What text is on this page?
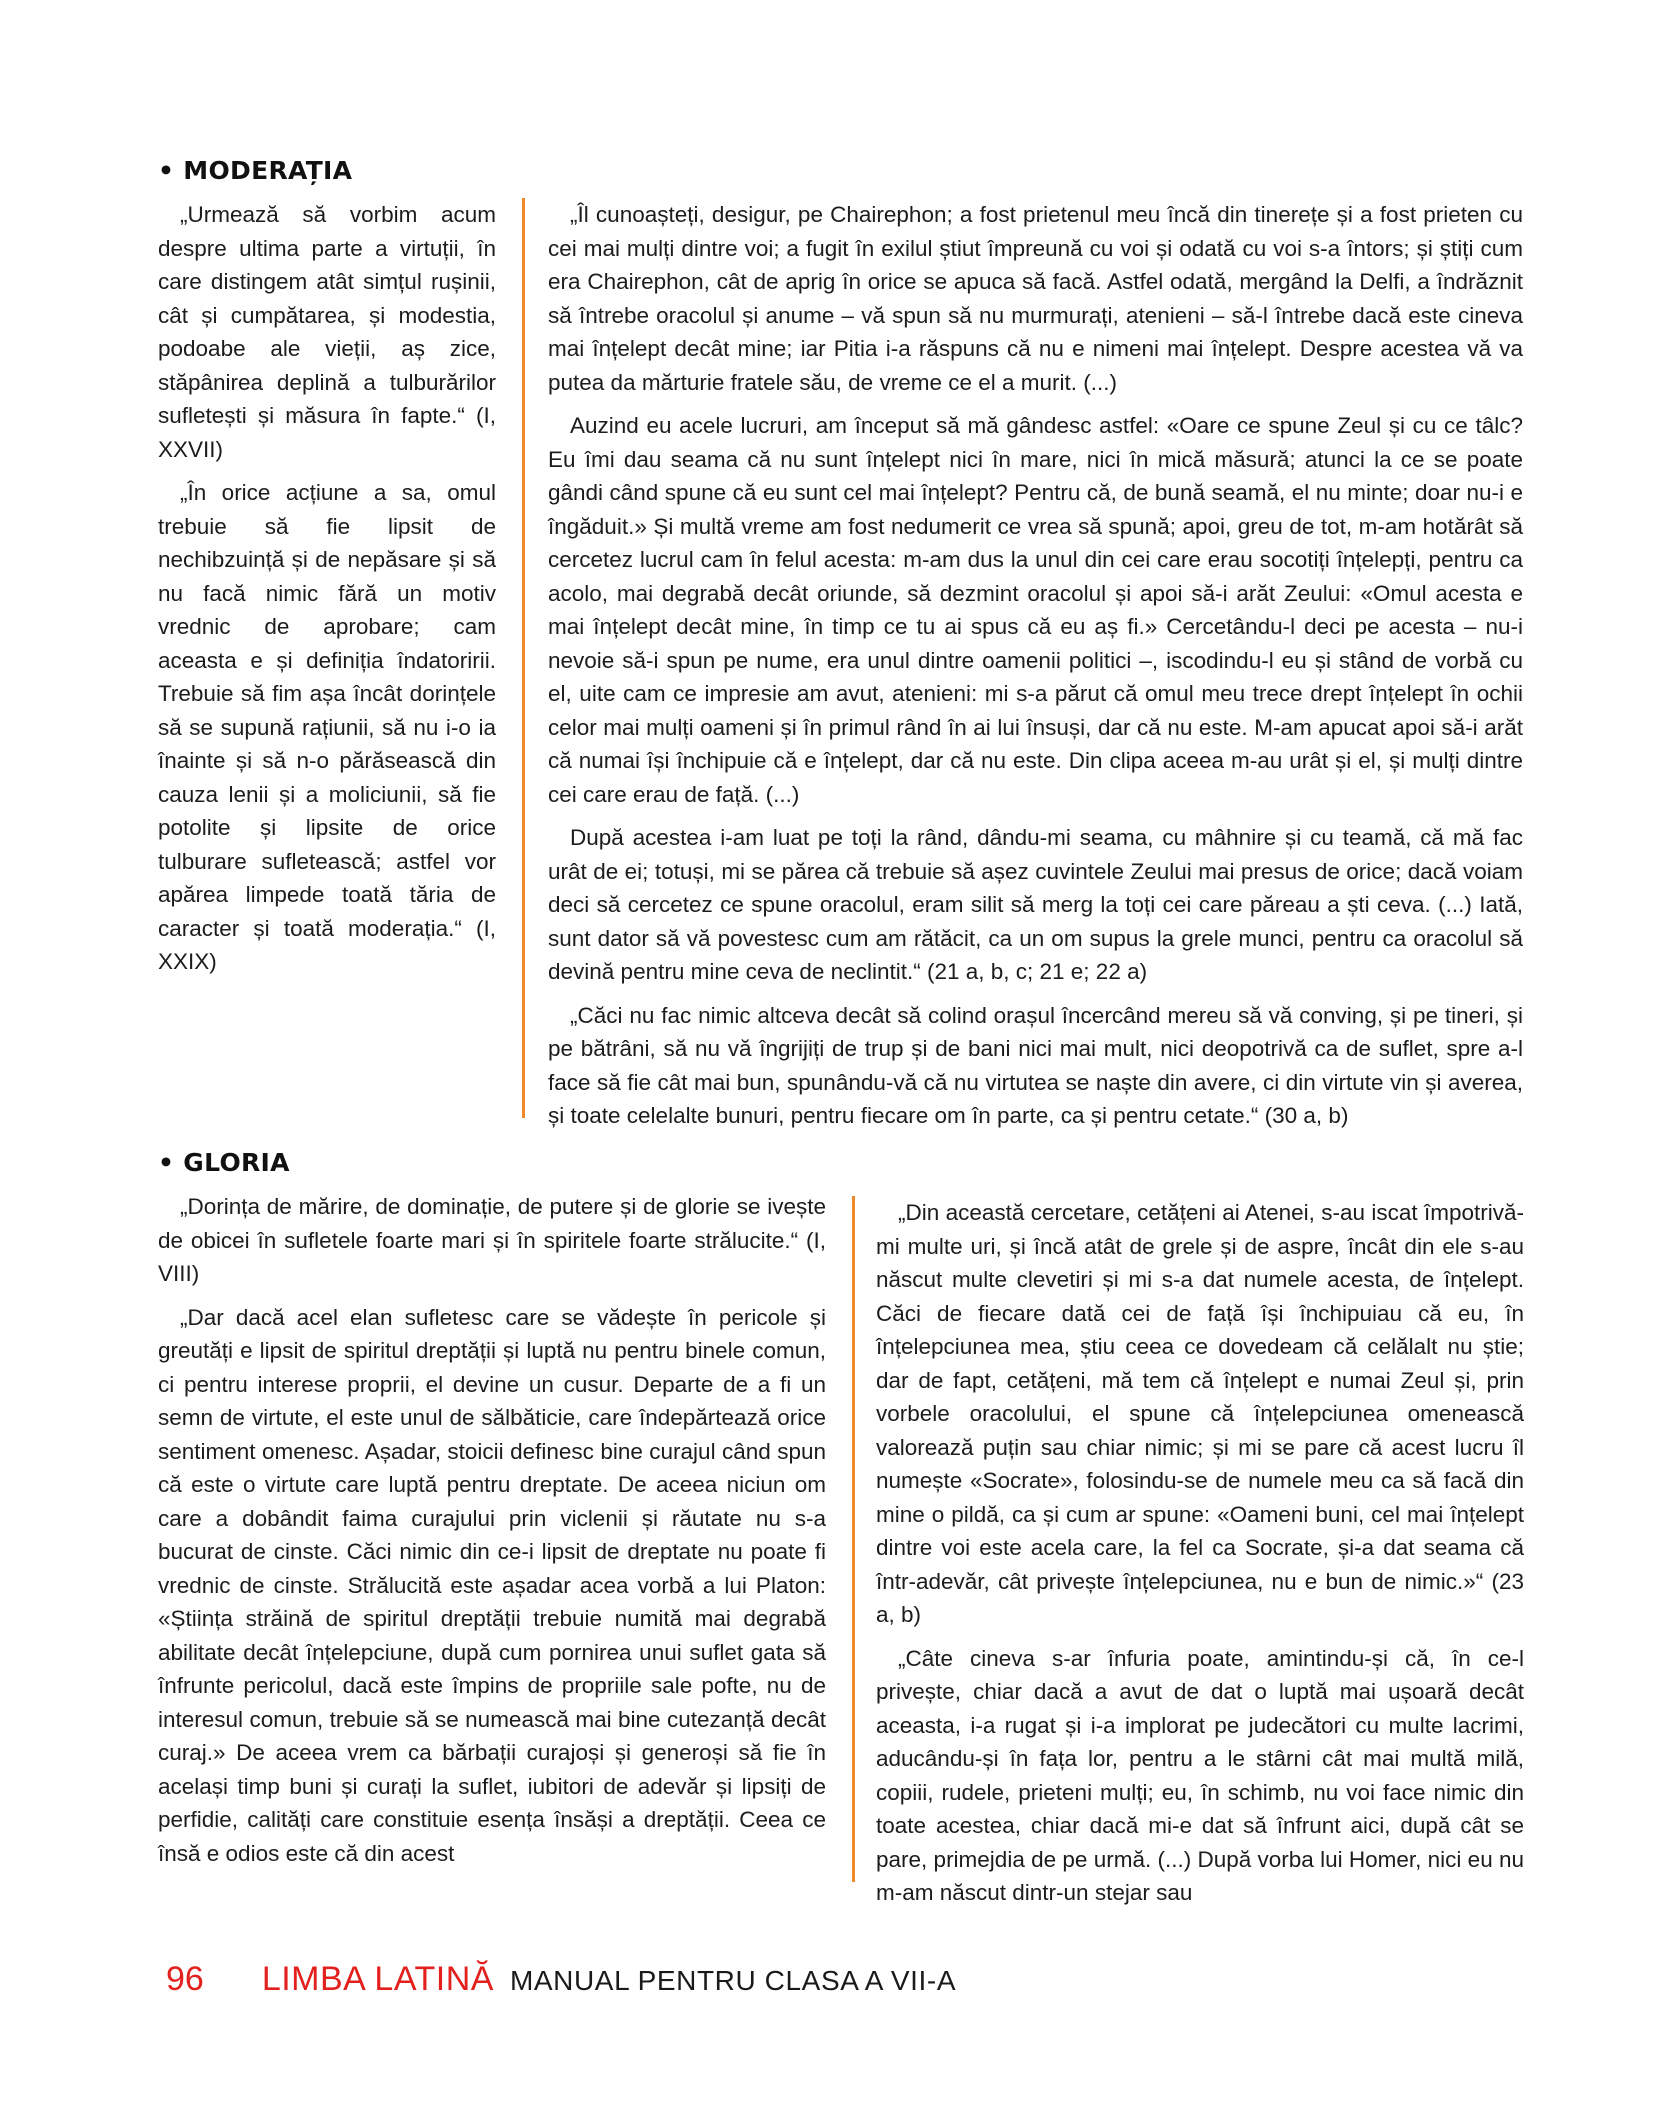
• MODERAȚIA

„Urmează să vorbim acum despre ultima parte a virtuții, în care distingem atât simțul rușinii, cât și cumpătarea, și modestia, podoabe ale vieții, aș zice, stăpânirea deplină a tulburărilor sufletești și măsura în fapte.“ (I, XXVII)

„În orice acțiune a sa, omul trebuie să fie lipsit de nechibzuință și de nepăsare și să nu facă nimic fără un motiv vrednic de aprobare; cam aceasta e și definiția îndatoririi. Trebuie să fim așa încât dorințele să se supună rațiunii, să nu i-o ia înainte și să n-o părăsească din cauza lenii și a moliciunii, să fie potolite și lipsite de orice tulburare sufletească; astfel vor apărea limpede toată tăria de caracter și toată moderația.“ (I, XXIX)

„Îl cunoașteți, desigur, pe Chairephon; a fost prietenul meu încă din tinerețe și a fost prieten cu cei mai mulți dintre voi; a fugit în exilul știut împreună cu voi și odată cu voi s-a întors; și știți cum era Chairephon, cât de aprig în orice se apuca să facă. Astfel odată, mergând la Delfi, a îndrăznit să întrebe oracolul și anume – vă spun să nu murmurați, atenieni – să-l întrebe dacă este cineva mai înțelept decât mine; iar Pitia i-a răspuns că nu e nimeni mai înțelept. Despre acestea vă va putea da mărturie fratele său, de vreme ce el a murit. (...)

Auzind eu acele lucruri, am început să mă gândesc astfel: «Oare ce spune Zeul și cu ce tâlc? Eu îmi dau seama că nu sunt înțelept nici în mare, nici în mică măsură; atunci la ce se poate gândi când spune că eu sunt cel mai înțelept? Pentru că, de bună seamă, el nu minte; doar nu-i e îngăduit.» Și multă vreme am fost nedumerit ce vrea să spună; apoi, greu de tot, m-am hotărât să cercetez lucrul cam în felul acesta: m-am dus la unul din cei care erau socotiți înțelepți, pentru ca acolo, mai degrabă decât oriunde, să dezmint oracolul și apoi să-i arăt Zeului: «Omul acesta e mai înțelept decât mine, în timp ce tu ai spus că eu aș fi.» Cercetându-l deci pe acesta – nu-i nevoie să-i spun pe nume, era unul dintre oamenii politici –, iscodindu-l eu și stând de vorbă cu el, uite cam ce impresie am avut, atenieni: mi s-a părut că omul meu trece drept înțelept în ochii celor mai mulți oameni și în primul rând în ai lui însuși, dar că nu este. M-am apucat apoi să-i arăt că numai își închipuie că e înțelept, dar că nu este. Din clipa aceea m-au urât și el, și mulți dintre cei care erau de față. (...)

După acestea i-am luat pe toți la rând, dându-mi seama, cu mâhnire și cu teamă, că mă fac urât de ei; totuși, mi se părea că trebuie să așez cuvintele Zeului mai presus de orice; dacă voiam deci să cercetez ce spune oracolul, eram silit să merg la toți cei care păreau a ști ceva. (...) Iată, sunt dator să vă povestesc cum am rătăcit, ca un om supus la grele munci, pentru ca oracolul să devină pentru mine ceva de neclintit.“ (21 a, b, c; 21 e; 22 a)

„Căci nu fac nimic altceva decât să colind orașul încercând mereu să vă conving, și pe tineri, și pe bătrâni, să nu vă îngrijiți de trup și de bani nici mai mult, nici deopotrivă ca de suflet, spre a-l face să fie cât mai bun, spunându-vă că nu virtutea se naște din avere, ci din virtute vin și averea, și toate celelalte bunuri, pentru fiecare om în parte, ca și pentru cetate.“ (30 a, b)

• GLORIA

„Dorința de mărire, de dominație, de putere și de glorie se ivește de obicei în sufletele foarte mari și în spiritele foarte strălucite.“ (I, VIII)

„Dar dacă acel elan sufletesc care se vădește în pericole și greutăți e lipsit de spiritul dreptății și luptă nu pentru binele comun, ci pentru interese proprii, el devine un cusur. Departe de a fi un semn de virtute, el este unul de sălbăticie, care îndepărtează orice sentiment omenesc. Așadar, stoicii definesc bine curajul când spun că este o virtute care luptă pentru dreptate. De aceea niciun om care a dobândit faima curajului prin viclenii și răutate nu s-a bucurat de cinste. Căci nimic din ce-i lipsit de dreptate nu poate fi vrednic de cinste. Strălucită este așadar acea vorbă a lui Platon: «Știința străină de spiritul dreptății trebuie numită mai degrabă abilitate decât înțelepciune, după cum pornirea unui suflet gata să înfrunte pericolul, dacă este împins de propriile sale pofte, nu de interesul comun, trebuie să se numească mai bine cutezanță decât curaj.» De aceea vrem ca bărbații curajoși și generoși să fie în același timp buni și curați la suflet, iubitori de adevăr și lipsiți de perfidie, calități care constituie esența însăși a dreptății. Ceea ce însă e odios este că din acest

„Din această cercetare, cetățeni ai Atenei, s-au iscat împotrivă-mi multe uri, și încă atât de grele și de aspre, încât din ele s-au născut multe clevetiri și mi s-a dat numele acesta, de înțelept. Căci de fiecare dată cei de față își închipuiau că eu, în înțelepciunea mea, știu ceea ce dovedeam că celălalt nu știe; dar de fapt, cetățeni, mă tem că înțelept e numai Zeul și, prin vorbele oracolului, el spune că înțelepciunea omenească valorează puțin sau chiar nimic; și mi se pare că acest lucru îl numește «Socrate», folosindu-se de numele meu ca să facă din mine o pildă, ca și cum ar spune: «Oameni buni, cel mai înțelept dintre voi este acela care, la fel ca Socrate, și-a dat seama că într-adevăr, cât privește înțelepciunea, nu e bun de nimic.»“ (23 a, b)

„Câte cineva s-ar înfuria poate, amintindu-și că, în ce-l privește, chiar dacă a avut de dat o luptă mai ușoară decât aceasta, i-a rugat și i-a implorat pe judecători cu multe lacrimi, aducându-și în fața lor, pentru a le stârni cât mai multă milă, copiii, rudele, prieteni mulți; eu, în schimb, nu voi face nimic din toate acestea, chiar dacă mi-e dat să înfrunt aici, după cât se pare, primejdia de pe urmă. (...) După vorba lui Homer, nici eu nu m-am născut dintr-un stejar sau

96 LIMBA LATINĂ MANUAL PENTRU CLASA A VII-A
